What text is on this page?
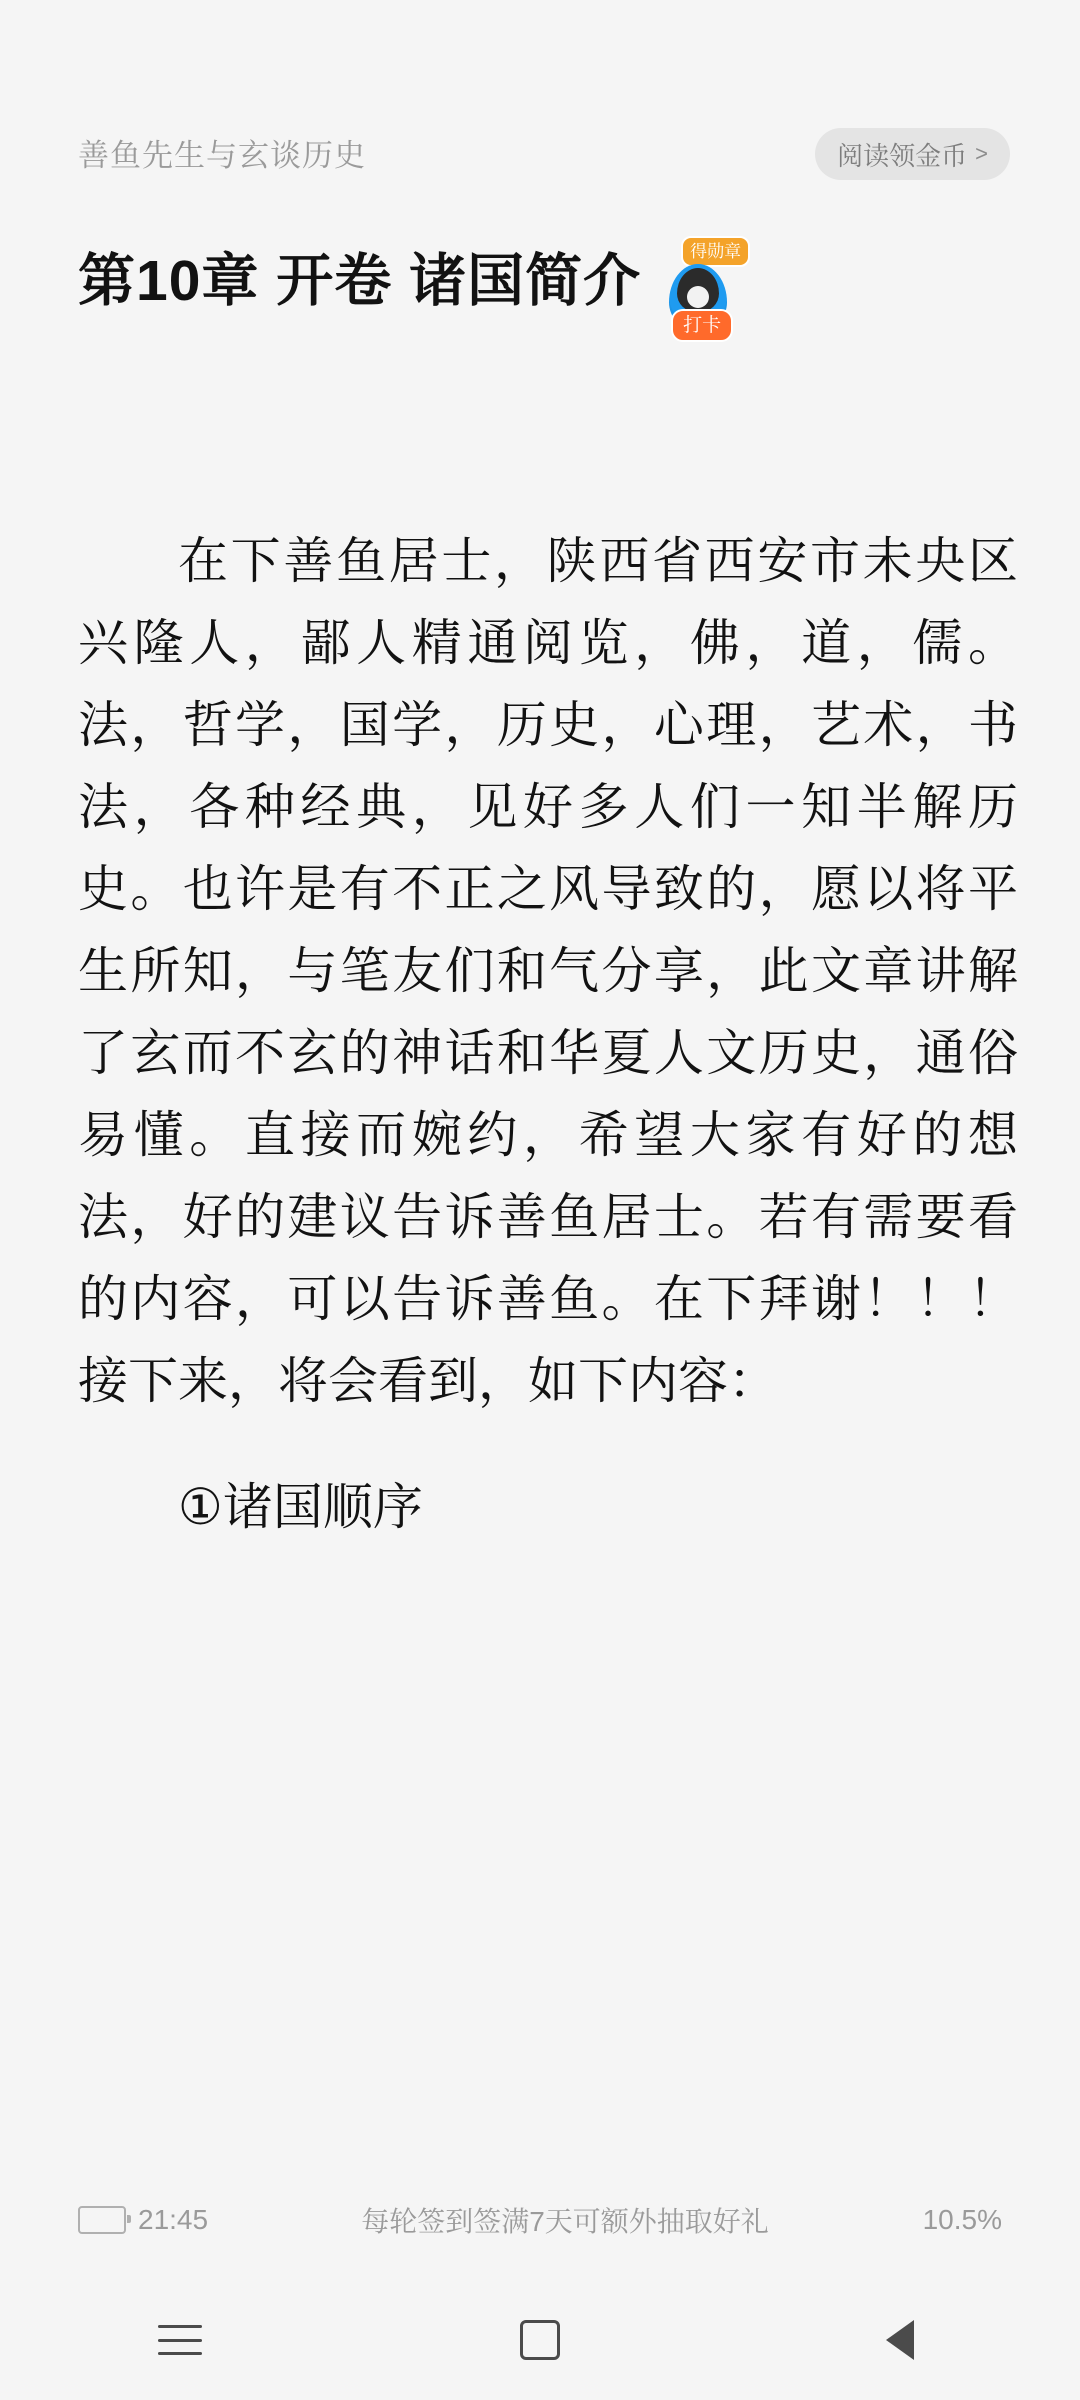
善鱼先生与玄谈历史	阅读领金币 >
第10章 开卷 诸国简介	得勋章
打卡

在下善鱼居士，陕西省西安市未央区兴隆人，鄙人精通阅览，佛，道，儒。法，哲学，国学，历史，心理，艺术，书法，各种经典，见好多人们一知半解历史。也许是有不正之风导致的，愿以将平生所知，与笔友们和气分享，此文章讲解了玄而不玄的神话和华夏人文历史，通俗易懂。直接而婉约，希望大家有好的想法，好的建议告诉善鱼居士。若有需要看的内容，可以告诉善鱼。在下拜谢！！！接下来，将会看到，如下内容：

①诸国顺序

21:45	每轮签到签满7天可额外抽取好礼	10.5%
